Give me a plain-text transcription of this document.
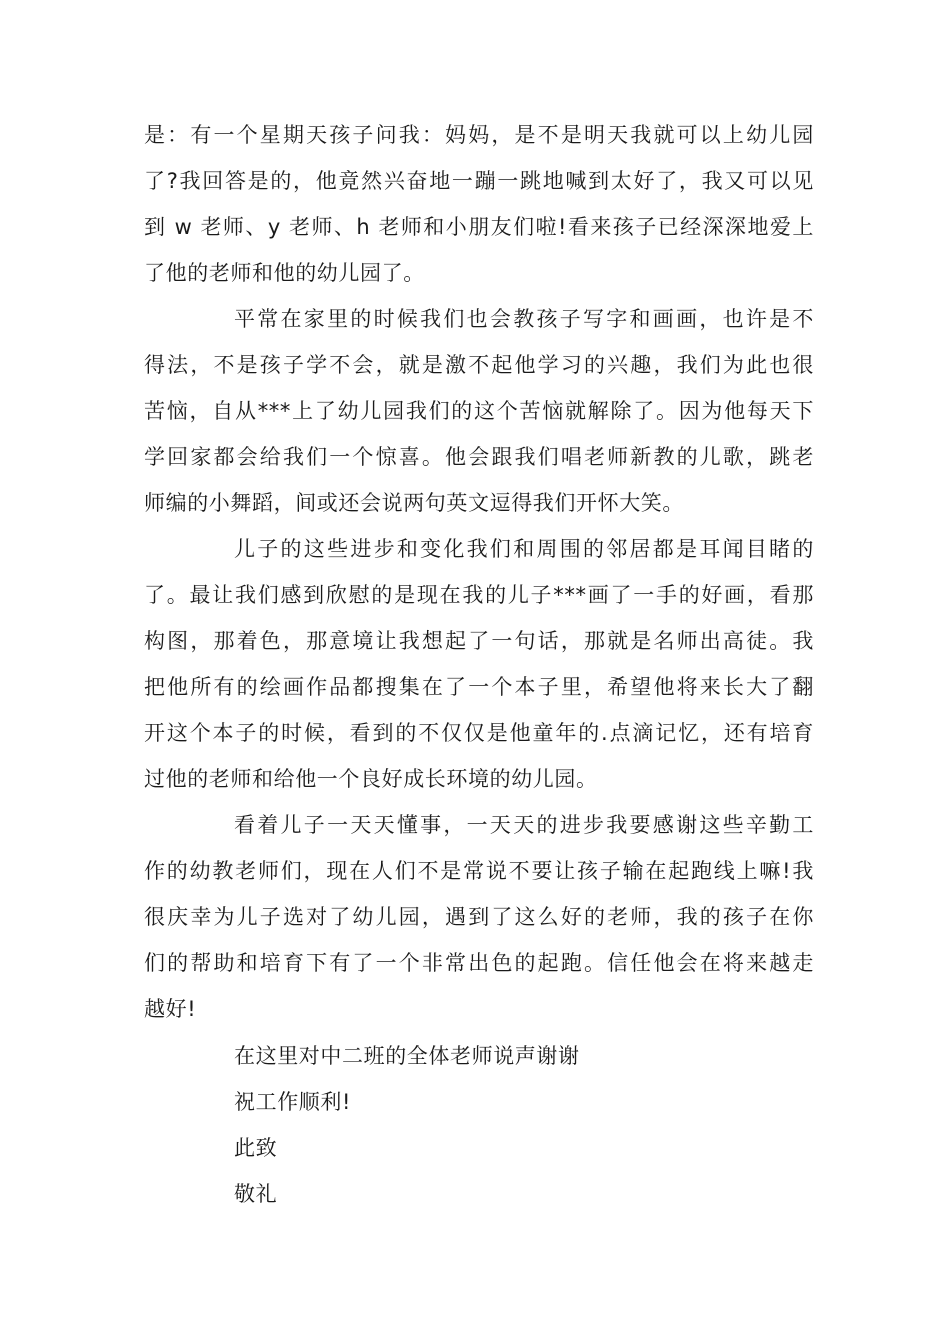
是：有一个星期天孩子问我：妈妈，是不是明天我就可以上幼儿园

了?我回答是的，他竟然兴奋地一蹦一跳地喊到太好了，我又可以见

到 w 老师、y 老师、h 老师和小朋友们啦!看来孩子已经深深地爱上

了他的老师和他的幼儿园了。

平常在家里的时候我们也会教孩子写字和画画，也许是不

得法，不是孩子学不会，就是激不起他学习的兴趣，我们为此也很

苦恼，自从***上了幼儿园我们的这个苦恼就解除了。因为他每天下

学回家都会给我们一个惊喜。他会跟我们唱老师新教的儿歌，跳老

师编的小舞蹈，间或还会说两句英文逗得我们开怀大笑。

儿子的这些进步和变化我们和周围的邻居都是耳闻目睹的

了。最让我们感到欣慰的是现在我的儿子***画了一手的好画，看那

构图，那着色，那意境让我想起了一句话，那就是名师出高徒。我

把他所有的绘画作品都搜集在了一个本子里，希望他将来长大了翻

开这个本子的时候，看到的不仅仅是他童年的.点滴记忆，还有培育

过他的老师和给他一个良好成长环境的幼儿园。

看着儿子一天天懂事，一天天的进步我要感谢这些辛勤工

作的幼教老师们，现在人们不是常说不要让孩子输在起跑线上嘛!我

很庆幸为儿子选对了幼儿园，遇到了这么好的老师，我的孩子在你

们的帮助和培育下有了一个非常出色的起跑。信任他会在将来越走

越好!

在这里对中二班的全体老师说声谢谢

祝工作顺利!

此致

敬礼
